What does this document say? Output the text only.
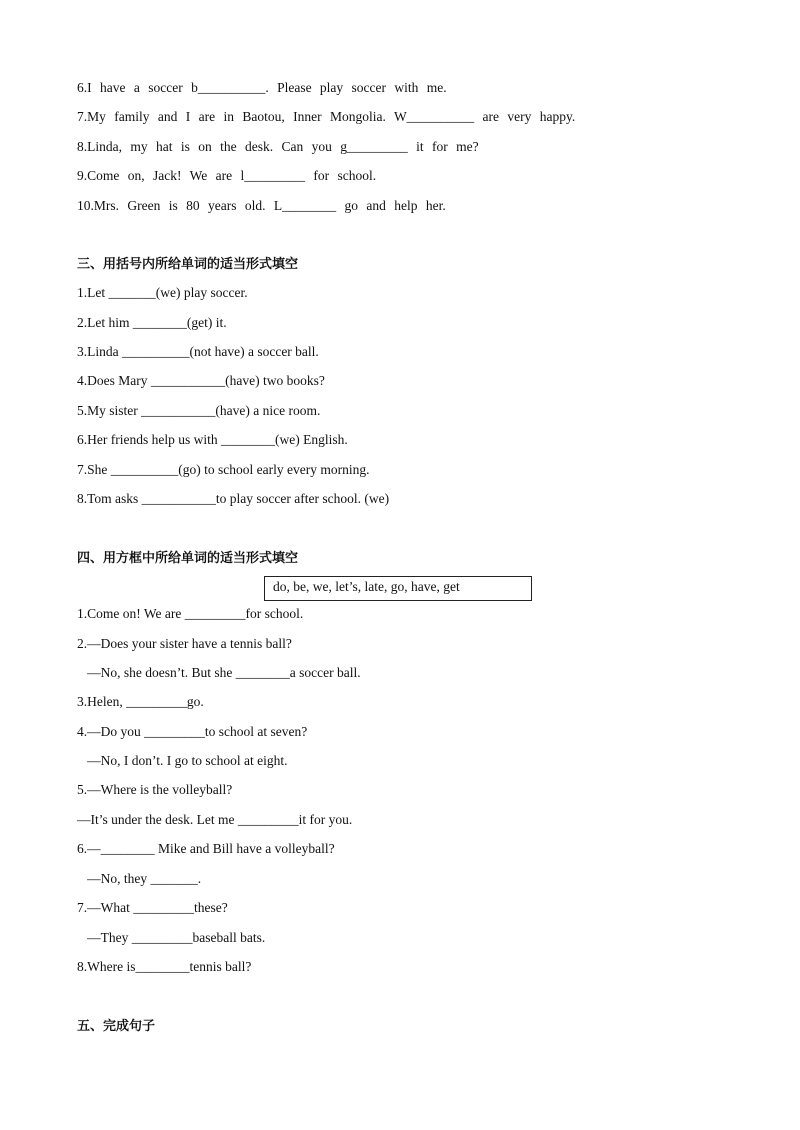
6.I have a soccer b__________. Please play soccer with me.
7.My family and I are in Baotou, Inner Mongolia. W__________ are very happy.
8.Linda, my hat is on the desk. Can you g_________ it for me?
9.Come on, Jack! We are l_________ for school.
10.Mrs. Green is 80 years old. L________ go and help her.
三、用括号内所给单词的适当形式填空
1.Let _______(we) play soccer.
2.Let him ________(get) it.
3.Linda __________(not have) a soccer ball.
4.Does Mary ___________(have) two books?
5.My sister ___________(have) a nice room.
6.Her friends help us with ________(we) English.
7.She __________(go) to school early every morning.
8.Tom asks ___________to play soccer after school. (we)
四、用方框中所给单词的适当形式填空
do, be, we, let’s, late, go, have, get
1.Come on! We are _________for school.
2.—Does your sister have a tennis ball?
—No, she doesn’t. But she ________a soccer ball.
3.Helen, _________go.
4.—Do you _________to school at seven?
—No, I don’t. I go to school at eight.
5.—Where is the volleyball?
—It’s under the desk. Let me _________it for you.
6.—________ Mike and Bill have a volleyball?
—No, they _______.
7.—What _________these?
—They _________baseball bats.
8.Where is________tennis ball?
五、完成句子
